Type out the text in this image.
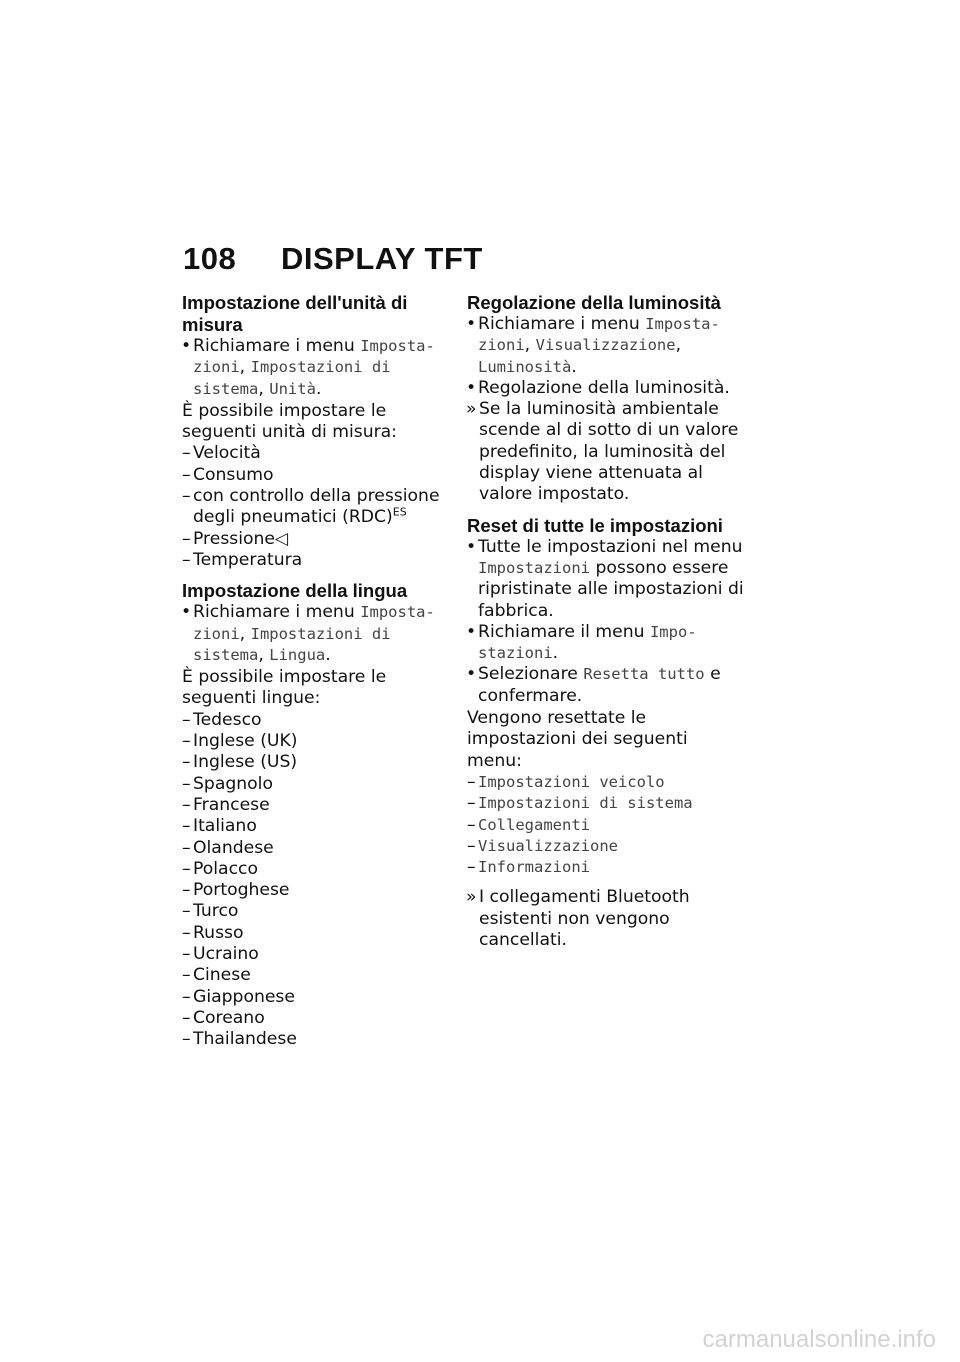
108	DISPLAY TFT
Impostazione dell'unità di misura

• Richiamare i menu Imposta-zioni, Impostazioni di sistema, Unità.

È possibile impostare le seguenti unità di misura:

– Velocità

– Consumo

– con controllo della pressione degli pneumatici (RDC)$^{ES}$

– Pressione◁

– Temperatura

Impostazione della lingua

• Richiamare i menu Imposta-zioni, Impostazioni di sistema, Lingua.

È possibile impostare le seguenti lingue:

– Tedesco

– Inglese (UK)

– Inglese (US)

– Spagnolo

– Francese

– Italiano

– Olandese

– Polacco

– Portoghese

– Turco

– Russo

– Ucraino

– Cinese

– Giapponese

– Coreano

– Thailandese

Regolazione della luminosità

• Richiamare i menu Imposta-zioni, Visualizzazione, Luminosità.

• Regolazione della luminosità.

» Se la luminosità ambientale scende al di sotto di un valore predefinito, la luminosità del display viene attenuata al valore impostato.

Reset di tutte le impostazioni

• Tutte le impostazioni nel menu Impostazioni possono essere ripristinate alle impostazioni di fabbrica.

• Richiamare il menu Impo-stazioni.

• Selezionare Resetta tutto e confermare.

Vengono resettate le impostazioni dei seguenti menu:

– Impostazioni veicolo

– Impostazioni di sistema

– Collegamenti

– Visualizzazione

– Informazioni

» I collegamenti Bluetooth esistenti non vengono cancellati.

carmanualsonline.info
